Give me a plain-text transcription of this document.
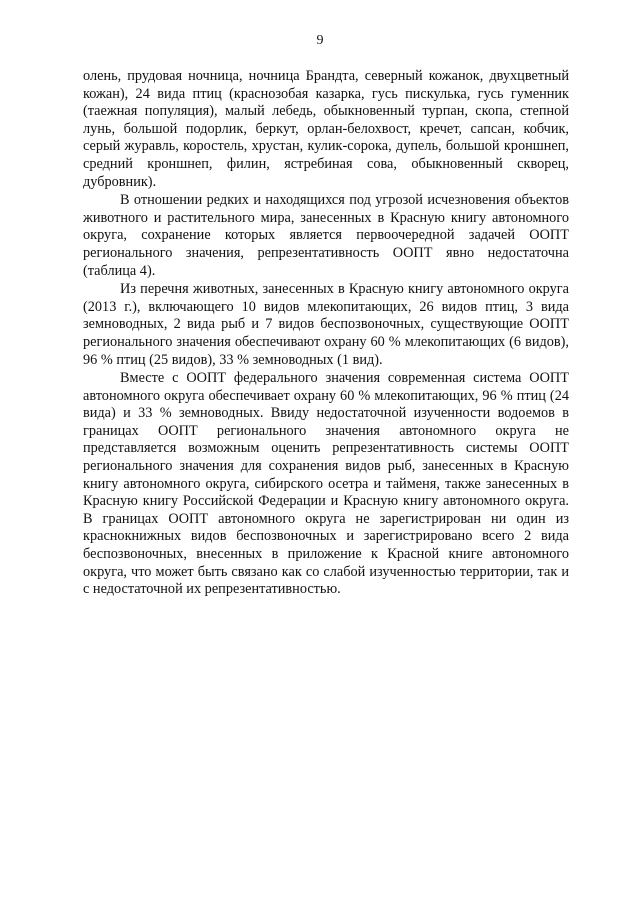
9

олень, прудовая ночница, ночница Брандта, северный кожанок, двухцветный кожан), 24 вида птиц (краснозобая казарка, гусь пискулька, гусь гуменник (таежная популяция), малый лебедь, обыкновенный турпан, скопа, степной лунь, большой подорлик, беркут, орлан-белохвост, кречет, сапсан, кобчик, серый журавль, коростель, хрустан, кулик-сорока, дупель, большой кроншнеп, средний кроншнеп, филин, ястребиная сова, обыкновенный скворец, дубровник).

В отношении редких и находящихся под угрозой исчезновения объектов животного и растительного мира, занесенных в Красную книгу автономного округа, сохранение которых является первоочередной задачей ООПТ регионального значения, репрезентативность ООПТ явно недостаточна (таблица 4).

Из перечня животных, занесенных в Красную книгу автономного округа (2013 г.), включающего 10 видов млекопитающих, 26 видов птиц, 3 вида земноводных, 2 вида рыб и 7 видов беспозвоночных, существующие ООПТ регионального значения обеспечивают охрану 60 % млекопитающих (6 видов), 96 % птиц (25 видов), 33 % земноводных (1 вид).

Вместе с ООПТ федерального значения современная система ООПТ автономного округа обеспечивает охрану 60 % млекопитающих, 96 % птиц (24 вида) и 33 % земноводных. Ввиду недостаточной изученности водоемов в границах ООПТ регионального значения автономного округа не представляется возможным оценить репрезентативность системы ООПТ регионального значения для сохранения видов рыб, занесенных в Красную книгу автономного округа, сибирского осетра и тайменя, также занесенных в Красную книгу Российской Федерации и Красную книгу автономного округа. В границах ООПТ автономного округа не зарегистрирован ни один из краснокнижных видов беспозвоночных и зарегистрировано всего 2 вида беспозвоночных, внесенных в приложение к Красной книге автономного округа, что может быть связано как со слабой изученностью территории, так и с недостаточной их репрезентативностью.
